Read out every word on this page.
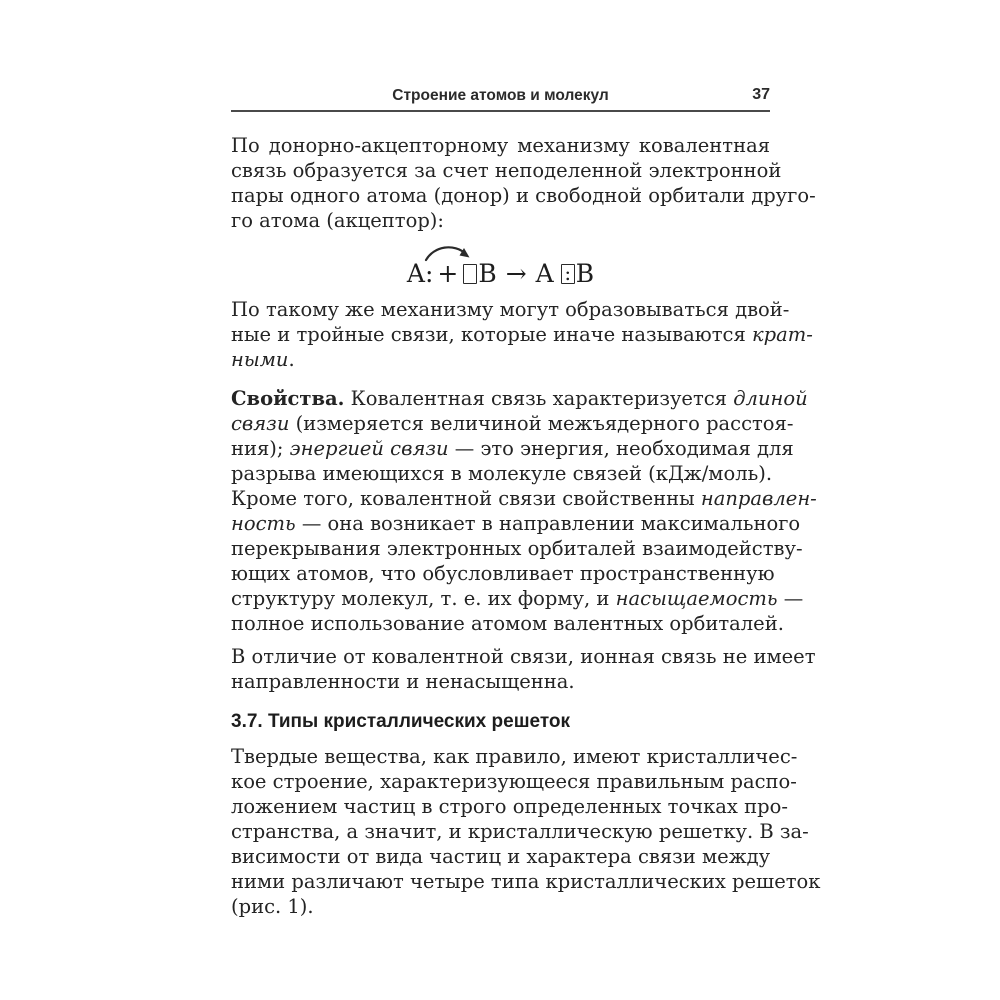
Строение атомов и молекул	37
По донорно-акцепторному механизму ковалентная
связь образуется за счет неподеленной электронной
пары одного атома (донор) и свободной орбитали друго-
го атома (акцептор):
A: + B → A : B
По такому же механизму могут образовываться двой-
ные и тройные связи, которые иначе называются крат-
ными.
Свойства. Ковалентная связь характеризуется длиной
связи (измеряется величиной межъядерного расстоя-
ния); энергией связи — это энергия, необходимая для
разрыва имеющихся в молекуле связей (кДж/моль).
Кроме того, ковалентной связи свойственны направлен-
ность — она возникает в направлении максимального
перекрывания электронных орбиталей взаимодейству-
ющих атомов, что обусловливает пространственную
структуру молекул, т. е. их форму, и насыщаемость —
полное использование атомом валентных орбиталей.
В отличие от ковалентной связи, ионная связь не имеет
направленности и ненасыщенна.
3.7. Типы кристаллических решеток
Твердые вещества, как правило, имеют кристалличес-
кое строение, характеризующееся правильным распо-
ложением частиц в строго определенных точках про-
странства, а значит, и кристаллическую решетку. В за-
висимости от вида частиц и характера связи между
ними различают четыре типа кристаллических решеток
(рис. 1).
